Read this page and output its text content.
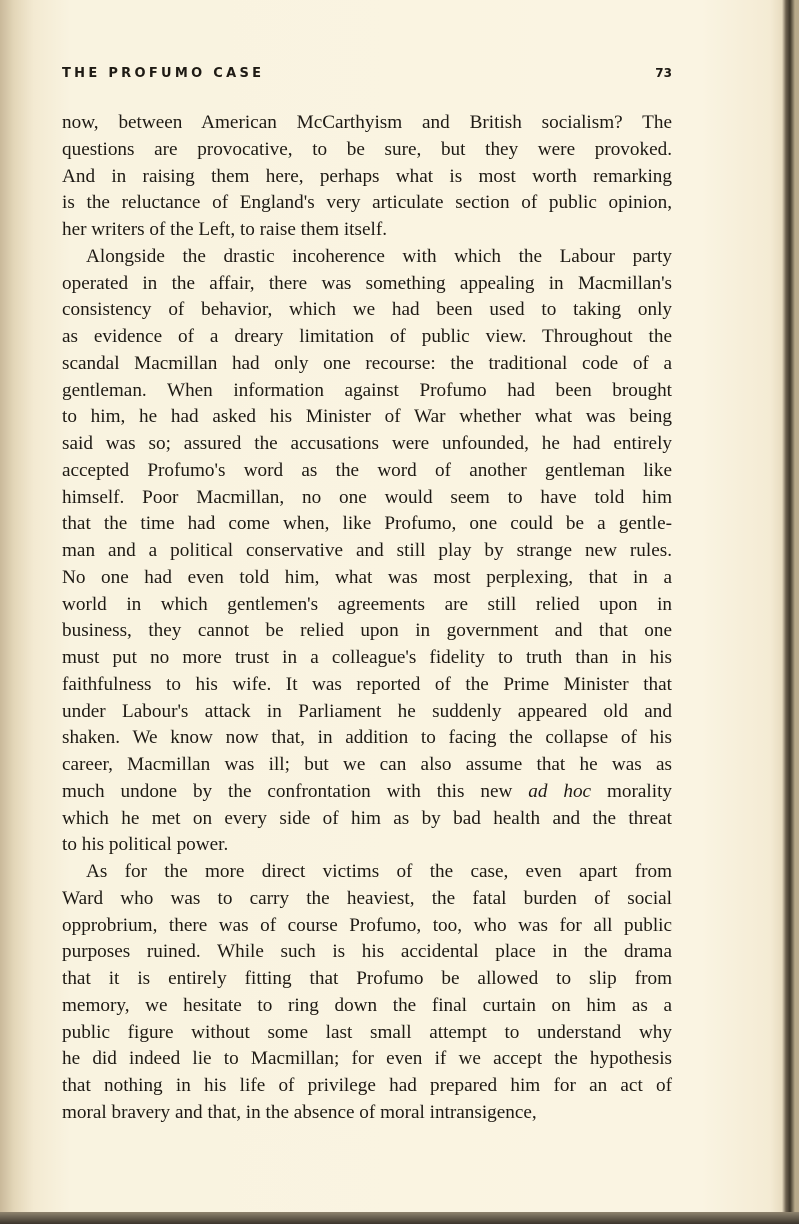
THE PROFUMO CASE	73
now, between American McCarthyism and British socialism? The
questions are provocative, to be sure, but they were provoked.
And in raising them here, perhaps what is most worth remarking
is the reluctance of England's very articulate section of public opinion,
her writers of the Left, to raise them itself.
Alongside the drastic incoherence with which the Labour party
operated in the affair, there was something appealing in Macmillan's
consistency of behavior, which we had been used to taking only
as evidence of a dreary limitation of public view. Throughout the
scandal Macmillan had only one recourse: the traditional code of a
gentleman. When information against Profumo had been brought
to him, he had asked his Minister of War whether what was being
said was so; assured the accusations were unfounded, he had entirely
accepted Profumo's word as the word of another gentleman like
himself. Poor Macmillan, no one would seem to have told him
that the time had come when, like Profumo, one could be a gentle-
man and a political conservative and still play by strange new rules.
No one had even told him, what was most perplexing, that in a
world in which gentlemen's agreements are still relied upon in
business, they cannot be relied upon in government and that one
must put no more trust in a colleague's fidelity to truth than in his
faithfulness to his wife. It was reported of the Prime Minister that
under Labour's attack in Parliament he suddenly appeared old and
shaken. We know now that, in addition to facing the collapse of his
career, Macmillan was ill; but we can also assume that he was as
much undone by the confrontation with this new ad hoc morality
which he met on every side of him as by bad health and the threat
to his political power.
As for the more direct victims of the case, even apart from
Ward who was to carry the heaviest, the fatal burden of social
opprobrium, there was of course Profumo, too, who was for all public
purposes ruined. While such is his accidental place in the drama
that it is entirely fitting that Profumo be allowed to slip from
memory, we hesitate to ring down the final curtain on him as a
public figure without some last small attempt to understand why
he did indeed lie to Macmillan; for even if we accept the hypothesis
that nothing in his life of privilege had prepared him for an act of
moral bravery and that, in the absence of moral intransigence,
